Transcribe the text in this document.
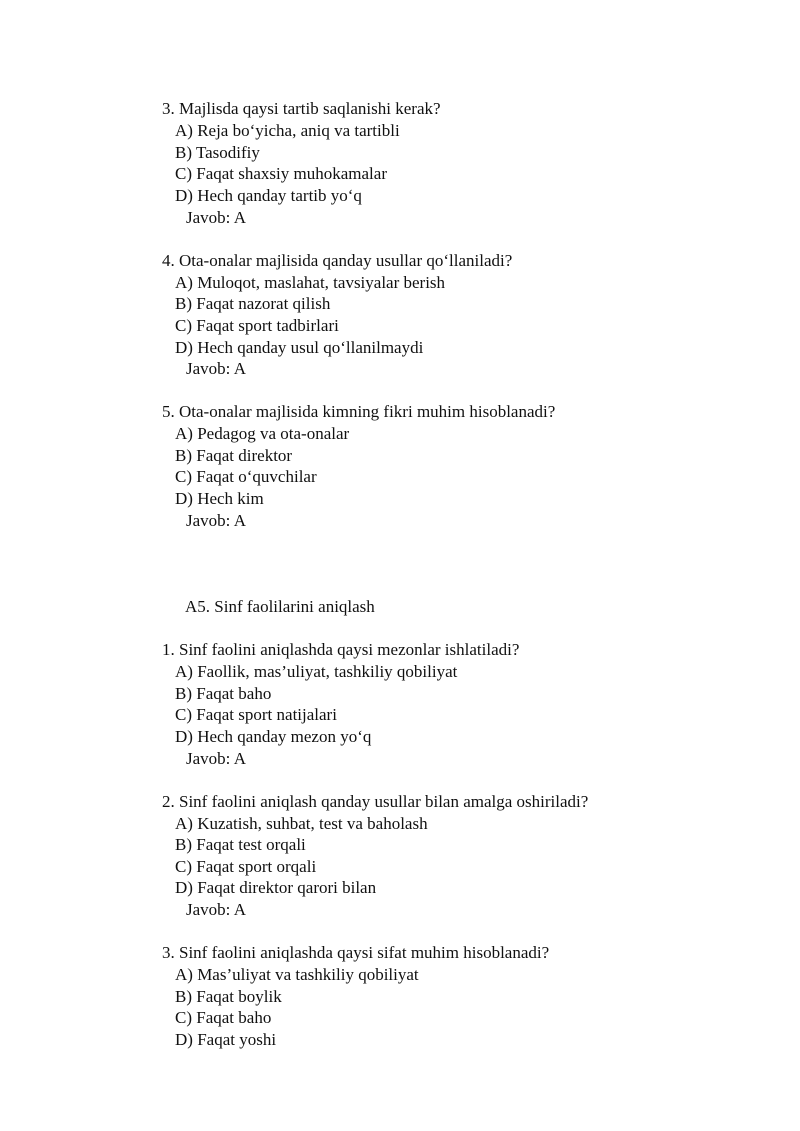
3. Majlisda qaysi tartib saqlanishi kerak?
A) Reja bo‘yicha, aniq va tartibli
B) Tasodifiy
C) Faqat shaxsiy muhokamalar
D) Hech qanday tartib yo‘q
Javob: A
4. Ota-onalar majlisida qanday usullar qo‘llaniladi?
A) Muloqot, maslahat, tavsiyalar berish
B) Faqat nazorat qilish
C) Faqat sport tadbirlari
D) Hech qanday usul qo‘llanilmaydi
Javob: A
5. Ota-onalar majlisida kimning fikri muhim hisoblanadi?
A) Pedagog va ota-onalar
B) Faqat direktor
C) Faqat o‘quvchilar
D) Hech kim
Javob: A
A5. Sinf faolilarini aniqlash
1. Sinf faolini aniqlashda qaysi mezonlar ishlatiladi?
A) Faollik, mas’uliyat, tashkiliy qobiliyat
B) Faqat baho
C) Faqat sport natijalari
D) Hech qanday mezon yo‘q
Javob: A
2. Sinf faolini aniqlash qanday usullar bilan amalga oshiriladi?
A) Kuzatish, suhbat, test va baholash
B) Faqat test orqali
C) Faqat sport orqali
D) Faqat direktor qarori bilan
Javob: A
3. Sinf faolini aniqlashda qaysi sifat muhim hisoblanadi?
A) Mas’uliyat va tashkiliy qobiliyat
B) Faqat boylik
C) Faqat baho
D) Faqat yoshi
